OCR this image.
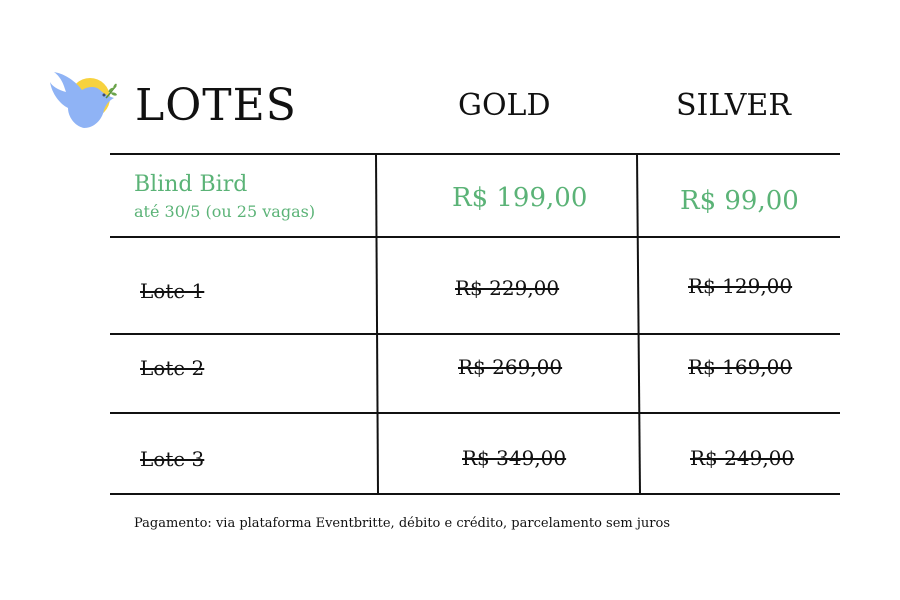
LOTES	GOLD	SILVER
Blind Bird
até 30/5 (ou 25 vagas)	R$ 199,00	R$ 99,00
Lote 1	R$ 229,00	R$ 129,00
Lote 2	R$ 269,00	R$ 169,00
Lote 3	R$ 349,00	R$ 249,00
Pagamento: via plataforma Eventbritte, débito e crédito, parcelamento sem juros
